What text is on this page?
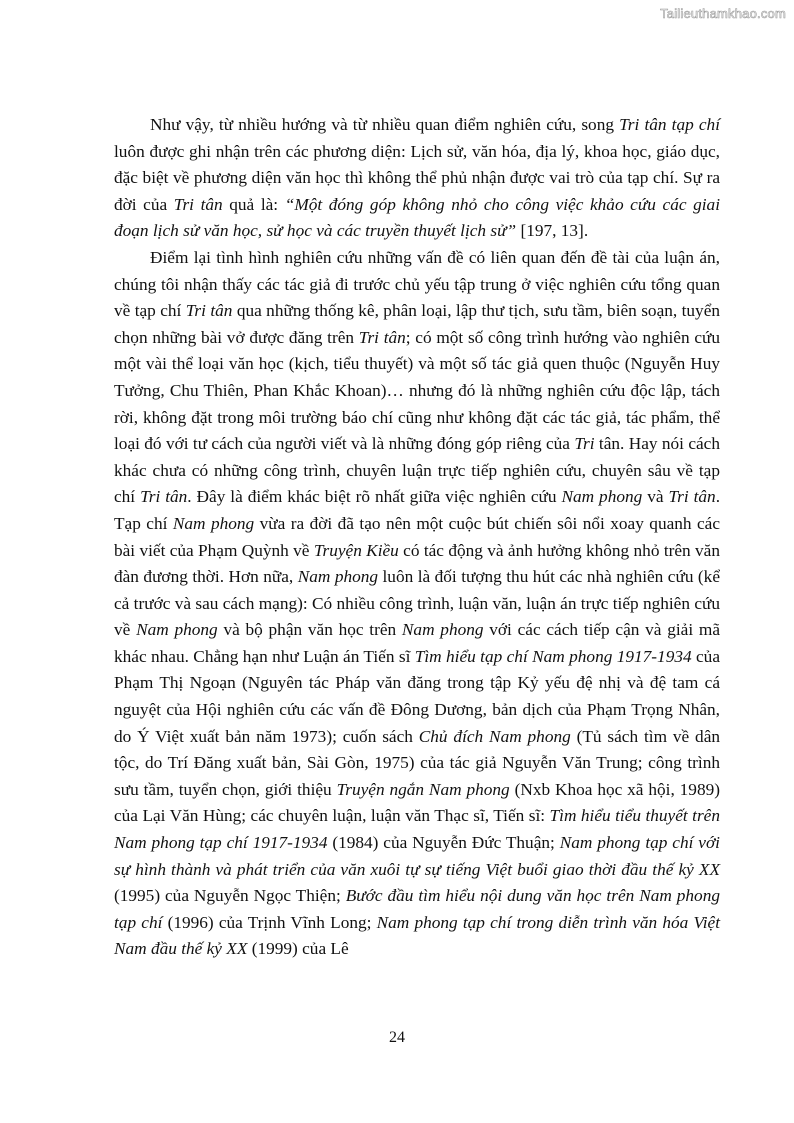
Tailieuthamkhao.com

Như vậy, từ nhiều hướng và từ nhiều quan điểm nghiên cứu, song Tri tân tạp chí luôn được ghi nhận trên các phương diện: Lịch sử, văn hóa, địa lý, khoa học, giáo dục, đặc biệt về phương diện văn học thì không thể phủ nhận được vai trò của tạp chí. Sự ra đời của Tri tân quả là: “Một đóng góp không nhỏ cho công việc khảo cứu các giai đoạn lịch sử văn học, sử học và các truyền thuyết lịch sử” [197, 13].

Điểm lại tình hình nghiên cứu những vấn đề có liên quan đến đề tài của luận án, chúng tôi nhận thấy các tác giả đi trước chủ yếu tập trung ở việc nghiên cứu tổng quan về tạp chí Tri tân qua những thống kê, phân loại, lập thư tịch, sưu tầm, biên soạn, tuyển chọn những bài vở được đăng trên Tri tân; có một số công trình hướng vào nghiên cứu một vài thể loại văn học (kịch, tiểu thuyết) và một số tác giả quen thuộc (Nguyễn Huy Tưởng, Chu Thiên, Phan Khắc Khoan)… nhưng đó là những nghiên cứu độc lập, tách rời, không đặt trong môi trường báo chí cũng như không đặt các tác giả, tác phẩm, thể loại đó với tư cách của người viết và là những đóng góp riêng của Tri tân. Hay nói cách khác chưa có những công trình, chuyên luận trực tiếp nghiên cứu, chuyên sâu về tạp chí Tri tân. Đây là điểm khác biệt rõ nhất giữa việc nghiên cứu Nam phong và Tri tân. Tạp chí Nam phong vừa ra đời đã tạo nên một cuộc bút chiến sôi nổi xoay quanh các bài viết của Phạm Quỳnh về Truyện Kiều có tác động và ảnh hưởng không nhỏ trên văn đàn đương thời. Hơn nữa, Nam phong luôn là đối tượng thu hút các nhà nghiên cứu (kể cả trước và sau cách mạng): Có nhiều công trình, luận văn, luận án trực tiếp nghiên cứu về Nam phong và bộ phận văn học trên Nam phong với các cách tiếp cận và giải mã khác nhau. Chẳng hạn như Luận án Tiến sĩ Tìm hiểu tạp chí Nam phong 1917-1934 của Phạm Thị Ngoạn (Nguyên tác Pháp văn đăng trong tập Kỷ yếu đệ nhị và đệ tam cá nguyệt của Hội nghiên cứu các vấn đề Đông Dương, bản dịch của Phạm Trọng Nhân, do Ý Việt xuất bản năm 1973); cuốn sách Chủ đích Nam phong (Tủ sách tìm về dân tộc, do Trí Đăng xuất bản, Sài Gòn, 1975) của tác giả Nguyễn Văn Trung; công trình sưu tầm, tuyển chọn, giới thiệu Truyện ngắn Nam phong (Nxb Khoa học xã hội, 1989) của Lại Văn Hùng; các chuyên luận, luận văn Thạc sĩ, Tiến sĩ: Tìm hiểu tiểu thuyết trên Nam phong tạp chí 1917-1934 (1984) của Nguyễn Đức Thuận; Nam phong tạp chí với sự hình thành và phát triển của văn xuôi tự sự tiếng Việt buổi giao thời đầu thế kỷ XX (1995) của Nguyễn Ngọc Thiện; Bước đầu tìm hiểu nội dung văn học trên Nam phong tạp chí (1996) của Trịnh Vĩnh Long; Nam phong tạp chí trong diễn trình văn hóa Việt Nam đầu thế kỷ XX (1999) của Lê

24
